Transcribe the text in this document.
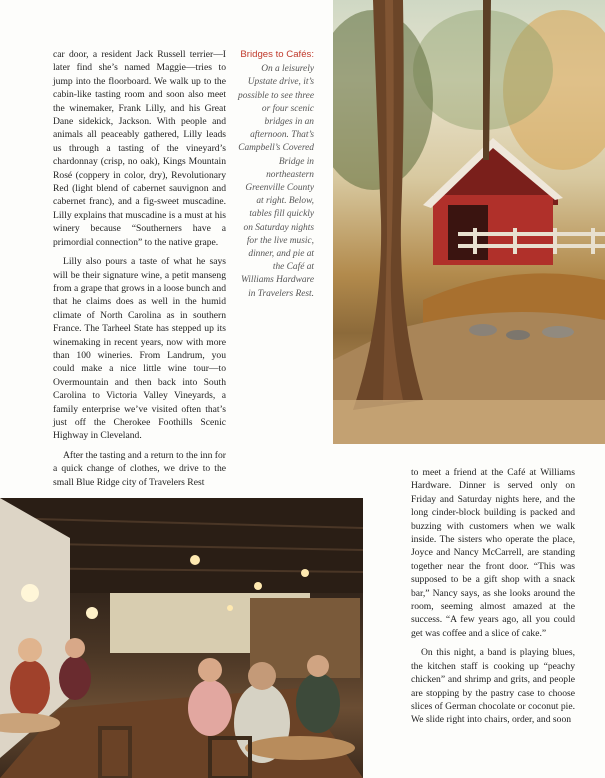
car door, a resident Jack Russell terrier—I later find she’s named Maggie—tries to jump into the floorboard. We walk up to the cabin-like tasting room and soon also meet the winemaker, Frank Lilly, and his Great Dane sidekick, Jackson. With people and animals all peaceably gathered, Lilly leads us through a tasting of the vineyard’s chardonnay (crisp, no oak), Kings Mountain Rosé (coppery in color, dry), Revolutionary Red (light blend of cabernet sauvignon and cabernet franc), and a fig-sweet muscadine. Lilly explains that muscadine is a must at his winery because “Southerners have a primordial connection” to the native grape.

Lilly also pours a taste of what he says will be their signature wine, a petit manseng from a grape that grows in a loose bunch and that he claims does as well in the humid climate of North Carolina as in southern France. The Tarheel State has stepped up its winemaking in recent years, now with more than 100 wineries. From Landrum, you could make a nice little wine tour—to Overmountain and then back into South Carolina to Victoria Valley Vineyards, a family enterprise we’ve visited often that’s just off the Cherokee Foothills Scenic Highway in Cleveland.

After the tasting and a return to the inn for a quick change of clothes, we drive to the small Blue Ridge city of Travelers Rest

Bridges to Cafés:
On a leisurely Upstate drive, it’s possible to see three or four scenic bridges in an afternoon. That’s Campbell’s Covered Bridge in northeastern Greenville County at right. Below, tables fill quickly on Saturday nights for the live music, dinner, and pie at the Café at Williams Hardware in Travelers Rest.

to meet a friend at the Café at Williams Hardware. Dinner is served only on Friday and Saturday nights here, and the long cinder-block building is packed and buzzing with customers when we walk inside. The sisters who operate the place, Joyce and Nancy McCarrell, are standing together near the front door. “This was supposed to be a gift shop with a snack bar,” Nancy says, as she looks around the room, seeming almost amazed at the success. “A few years ago, all you could get was coffee and a slice of cake.”

On this night, a band is playing blues, the kitchen staff is cooking up “peachy chicken” and shrimp and grits, and people are stopping by the pastry case to choose slices of German chocolate or coconut pie. We slide right into chairs, order, and soon
